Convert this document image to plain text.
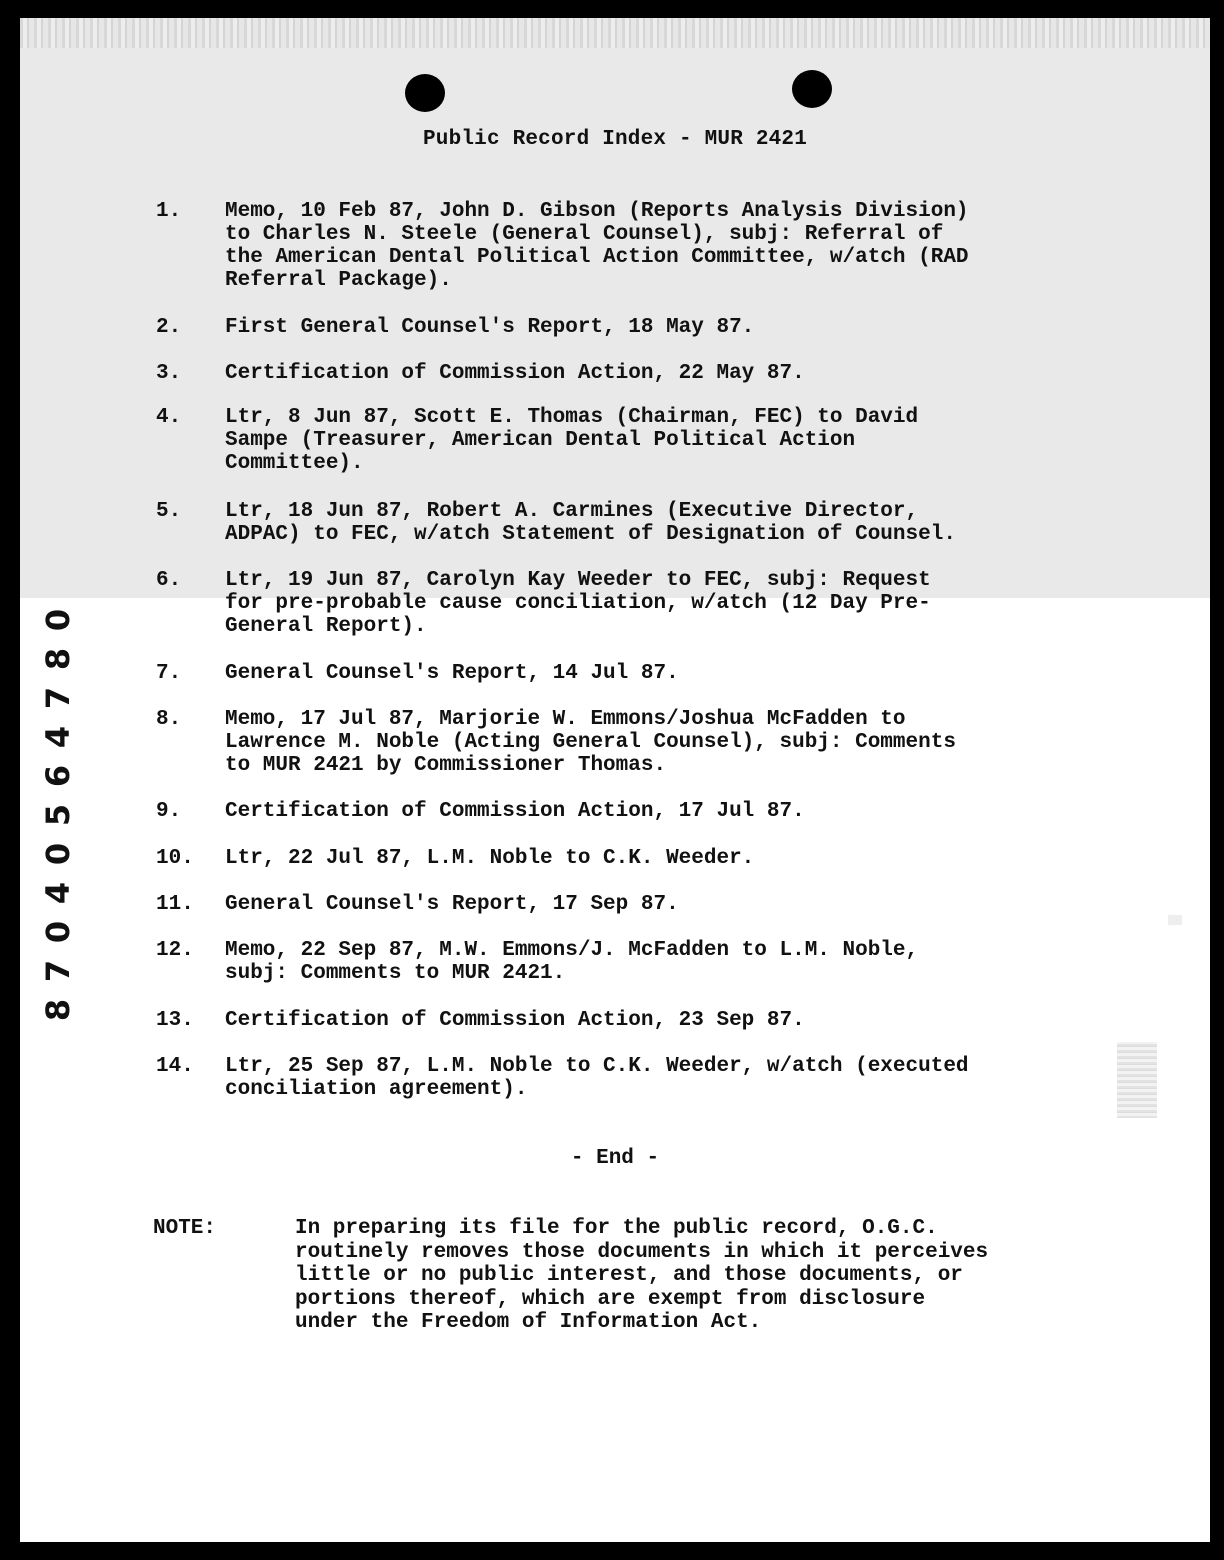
Public Record Index - MUR 2421
1. Memo, 10 Feb 87, John D. Gibson (Reports Analysis Division)
to Charles N. Steele (General Counsel), subj: Referral of
the American Dental Political Action Committee, w/atch (RAD
Referral Package).
2. First General Counsel's Report, 18 May 87.
3. Certification of Commission Action, 22 May 87.
4. Ltr, 8 Jun 87, Scott E. Thomas (Chairman, FEC) to David
Sampe (Treasurer, American Dental Political Action
Committee).
5. Ltr, 18 Jun 87, Robert A. Carmines (Executive Director,
ADPAC) to FEC, w/atch Statement of Designation of Counsel.
6. Ltr, 19 Jun 87, Carolyn Kay Weeder to FEC, subj: Request
for pre-probable cause conciliation, w/atch (12 Day Pre-
General Report).
7. General Counsel's Report, 14 Jul 87.
8. Memo, 17 Jul 87, Marjorie W. Emmons/Joshua McFadden to
Lawrence M. Noble (Acting General Counsel), subj: Comments
to MUR 2421 by Commissioner Thomas.
9. Certification of Commission Action, 17 Jul 87.
10. Ltr, 22 Jul 87, L.M. Noble to C.K. Weeder.
11. General Counsel's Report, 17 Sep 87.
12. Memo, 22 Sep 87, M.W. Emmons/J. McFadden to L.M. Noble,
subj: Comments to MUR 2421.
13. Certification of Commission Action, 23 Sep 87.
14. Ltr, 25 Sep 87, L.M. Noble to C.K. Weeder, w/atch (executed
conciliation agreement).
- End -
NOTE:	In preparing its file for the public record, O.G.C.
routinely removes those documents in which it perceives
little or no public interest, and those documents, or
portions thereof, which are exempt from disclosure
under the Freedom of Information Act.
0
8
7
4
6
5
0
4
0
7
8
